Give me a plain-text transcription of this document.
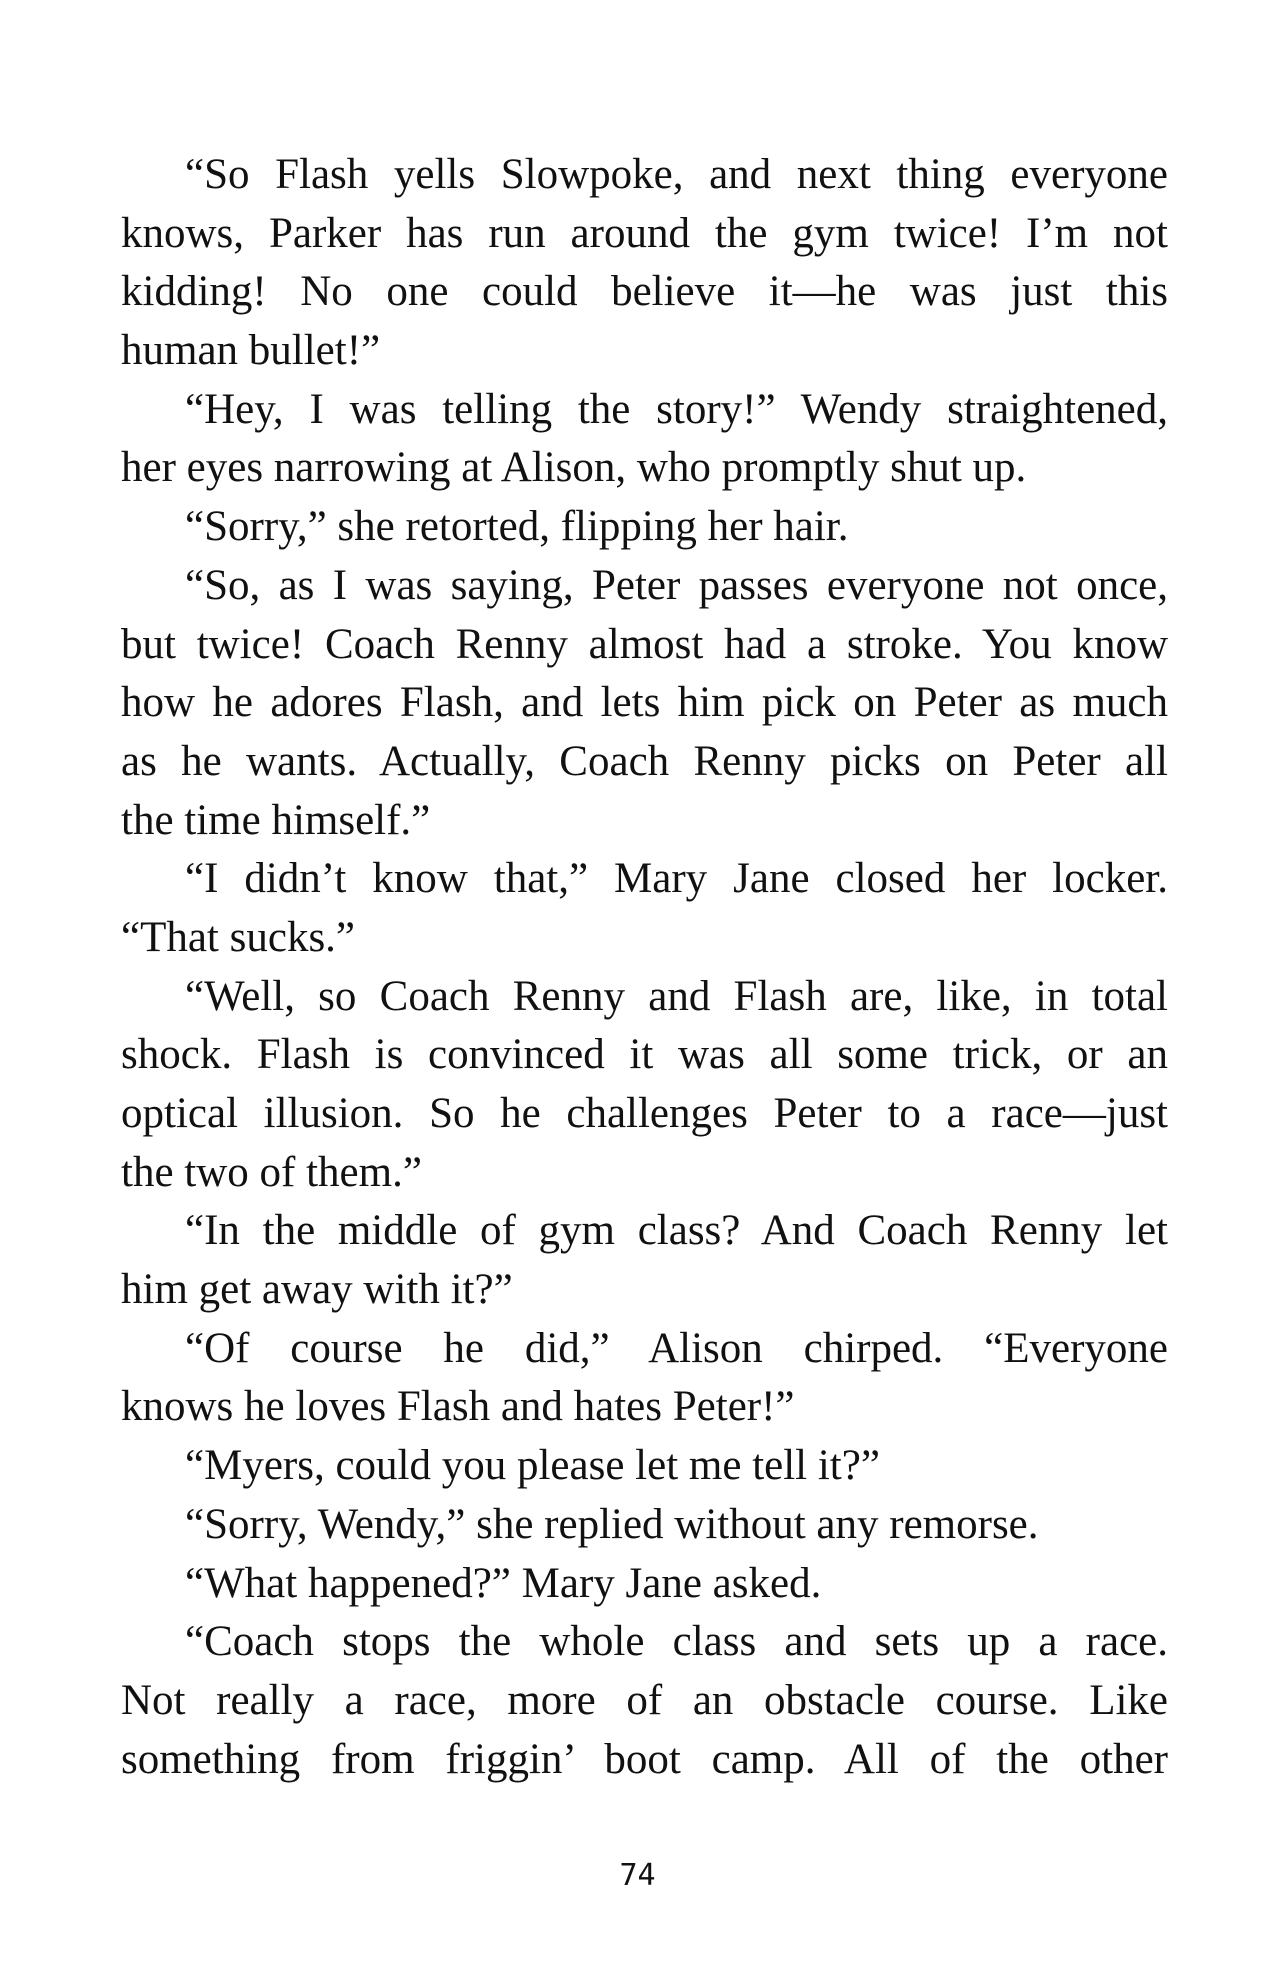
“So Flash yells Slowpoke, and next thing everyone
knows, Parker has run around the gym twice! I’m not
kidding! No one could believe it—he was just this
human bullet!”
“Hey, I was telling the story!” Wendy straightened,
her eyes narrowing at Alison, who promptly shut up.
“Sorry,” she retorted, flipping her hair.
“So, as I was saying, Peter passes everyone not once,
but twice! Coach Renny almost had a stroke. You know
how he adores Flash, and lets him pick on Peter as much
as he wants. Actually, Coach Renny picks on Peter all
the time himself.”
“I didn’t know that,” Mary Jane closed her locker.
“That sucks.”
“Well, so Coach Renny and Flash are, like, in total
shock. Flash is convinced it was all some trick, or an
optical illusion. So he challenges Peter to a race—just
the two of them.”
“In the middle of gym class? And Coach Renny let
him get away with it?”
“Of course he did,” Alison chirped. “Everyone
knows he loves Flash and hates Peter!”
“Myers, could you please let me tell it?”
“Sorry, Wendy,” she replied without any remorse.
“What happened?” Mary Jane asked.
“Coach stops the whole class and sets up a race.
Not really a race, more of an obstacle course. Like
something from friggin’ boot camp. All of the other
74
